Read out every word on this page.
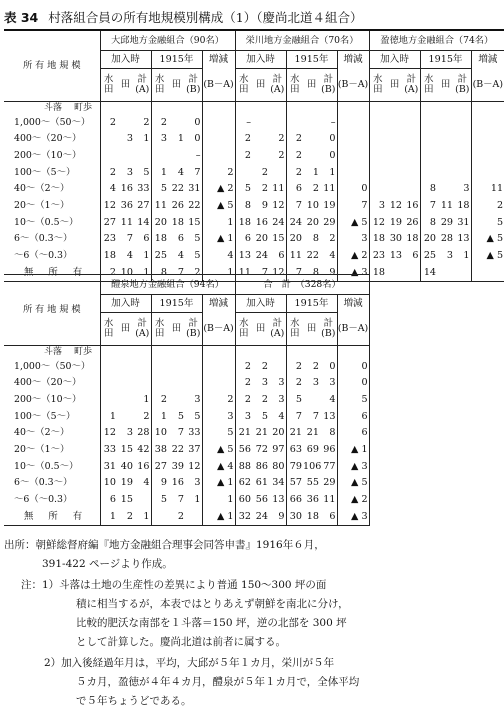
表 34 村落組合員の所有地規模別構成（1）（慶尚北道４組合）
所 有 地 規 模	大邱地方金融組合（90名）							栄川地方金融組合（70名）							盈徳地方金融組合（74名）						
	加入時			1915年			増減	加入時			1915年			増減	加入時			1915年			増減
	水田	田	計(A)	水田	田	計(B)	(B－A)	水田	田	計(A)	水田	田	計(B)	(B－A)	水田	田	計(A)	水田	田	計(B)	(B－A)
斗落 町歩																					
1,000～（50～）	2		2	2		0		–					–								
400～（20～）		3	1	3	1	0		2		2	2		0								
200～（10～）						–		2		2	2		0								
100～（5～）	2	3	5	1	4	7	2		2		2	1	1								
40～（2～）	4	16	33	5	22	31	▲ 2	5	2	11	6	2	11	0				8		3	11
20～（1～）	12	36	27	11	26	22	▲ 5	8	9	12	7	10	19	7	3	12	16	7	11	18	2
10～（0.5～）	27	11	14	20	18	15	1	18	16	24	24	20	29	▲ 5	12	19	26	8	29	31	5
6～（0.3～）	23	7	6	18	6	5	▲ 1	6	20	15	20	8	2	3	18	30	18	20	28	13	▲ 5
～6（～0.3）	18	4	1	25	4	5	4	13	24	6	11	22	4	▲ 2	23	13	6	25	3	1	▲ 5
無 所 有	2	10	1	8	7	2	1	11	7	12	7	8	9	▲ 3	18			14			
所 有 地 規 模	醴泉地方金融組合（94名）							合　計　（328名）						
	加入時			1915年			増減	加入時			1915年			増減
	水田	田	計(A)	水田	田	計(B)	(B－A)	水田	田	計(A)	水田	田	計(B)	(B－A)
斗落 町歩														
1,000～（50～）								2	2		2	2	0	0
400～（20～）								2	3	3	2	3	3	0
200～（10～）			1	2		3	2	2	2	3	5		4	5
100～（5～）	1		2	1	5	5	3	3	5	4	7	7	13	6
40～（2～）	12	3	28	10	7	33	5	21	21	20	21	21	8	6
20～（1～）	33	15	42	38	22	37	▲ 5	56	72	97	63	69	96	▲ 1
10～（0.5～）	31	40	16	27	39	12	▲ 4	88	86	80	79	106	77	▲ 3
6～（0.3～）	10	19	4	9	16	3	▲ 1	62	61	34	57	55	29	▲ 5
～6（～0.3）	6	15		5	7	1	1	60	56	13	66	36	11	▲ 2
無 所 有	1	2	1		2		▲ 1	32	24	9	30	18	6	▲ 3

出所：朝鮮総督府編『地方金融組合理事会同答申書』1916年６月，

391-422 ページより作成。

注：1）斗落は土地の生産性の差異により普通 150～300 坪の面

積に相当するが，本表ではとりあえず朝鮮を南北に分け，

比較的肥沃な南部を１斗落＝150 坪，逆の北部を 300 坪

として計算した。慶尚北道は前者に属する。

2）加入後経過年月は，平均，大邱が５年１カ月，栄川が５年

５カ月，盈徳が４年４カ月，醴泉が５年１カ月で，全体平均

で５年ちょうどである。
